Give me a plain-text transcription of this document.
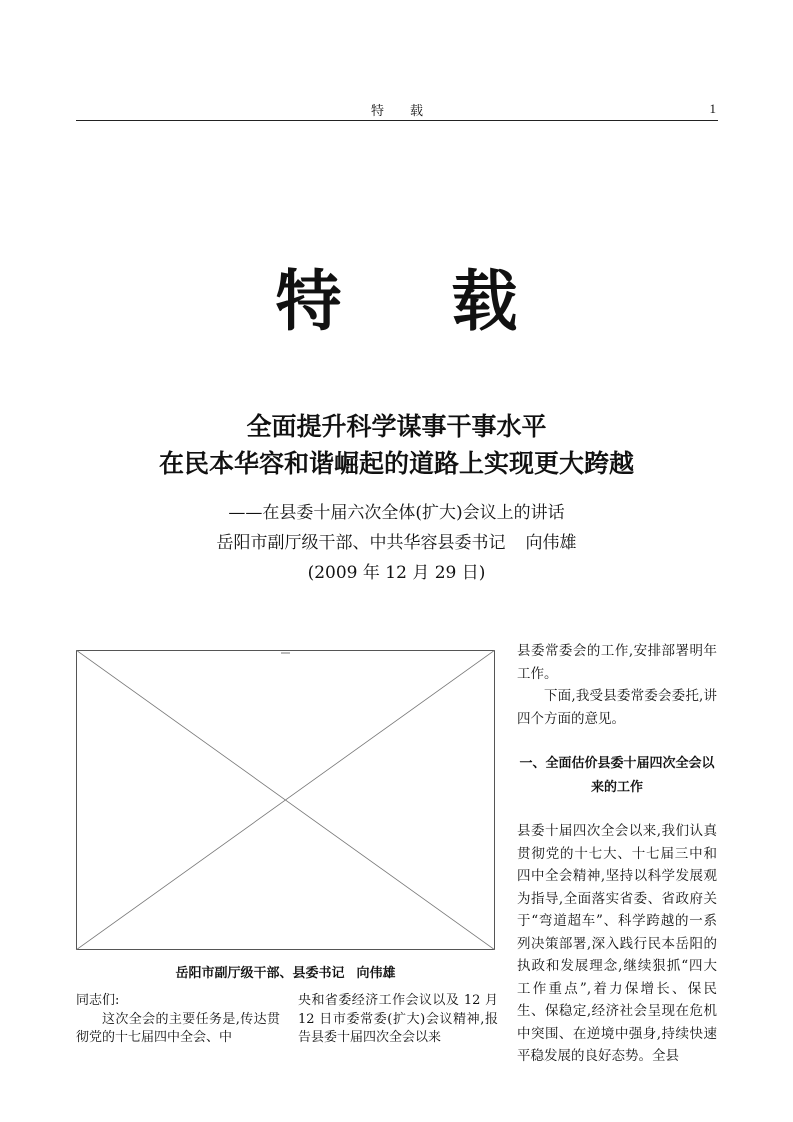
特载	1
特 载
全面提升科学谋事干事水平
在民本华容和谐崛起的道路上实现更大跨越
——在县委十届六次全体(扩大)会议上的讲话
岳阳市副厅级干部、中共华容县委书记 向伟雄
(2009 年 12 月 29 日)
岳阳市副厅级干部、县委书记 向伟雄

县委常委会的工作,安排部署明年工作。

下面,我受县委常委会委托,讲四个方面的意见。

一、全面估价县委十届四次全会以来的工作

县委十届四次全会以来,我们认真贯彻党的十七大、十七届三中和四中全会精神,坚持以科学发展观为指导,全面落实省委、省政府关于“弯道超车”、科学跨越的一系列决策部署,深入践行民本岳阳的执政和发展理念,继续狠抓“四大工作重点”,着力保增长、保民生、保稳定,经济社会呈现在危机中突围、在逆境中强身,持续快速平稳发展的良好态势。全县

同志们:

这次全会的主要任务是,传达贯彻党的十七届四中全会、中

央和省委经济工作会议以及 12 月 12 日市委常委(扩大)会议精神,报告县委十届四次全会以来
